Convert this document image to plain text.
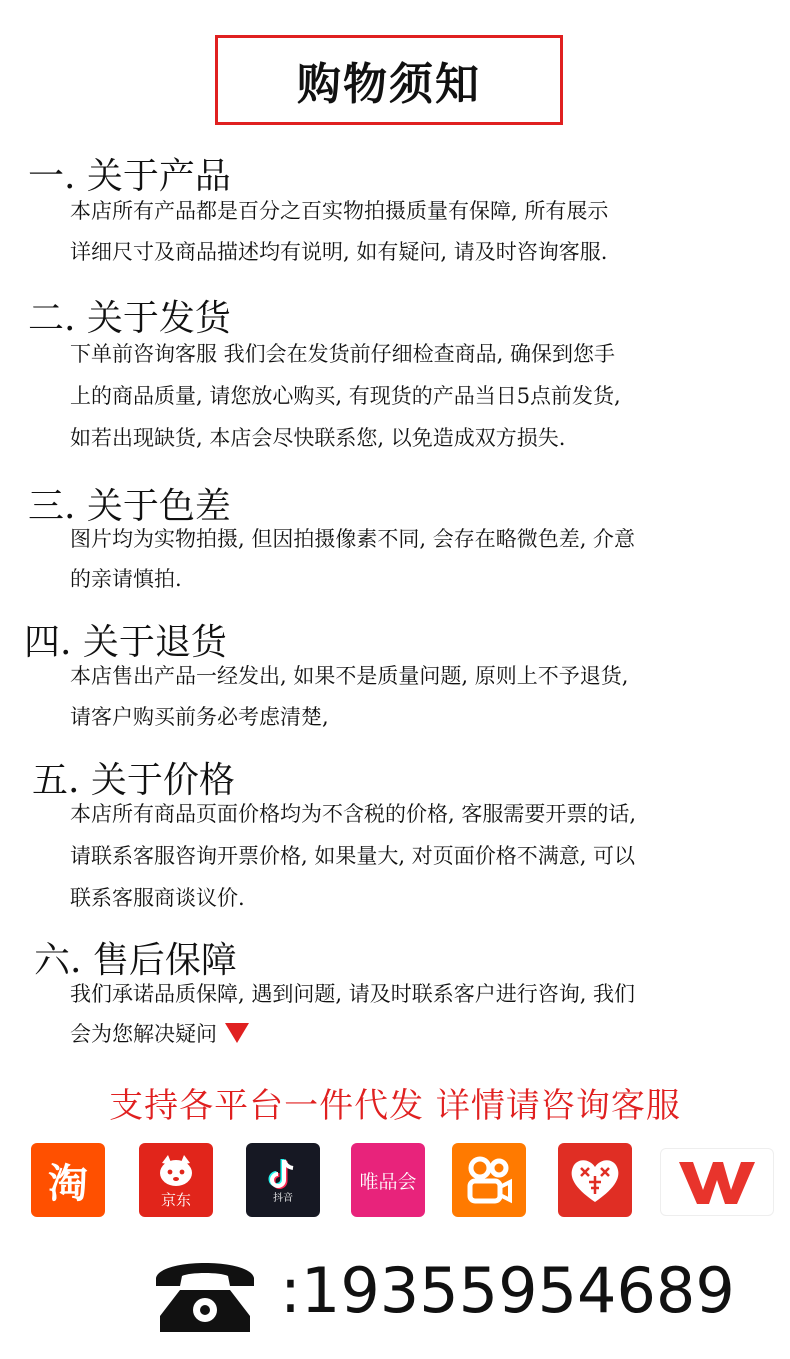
购物须知
一. 关于产品
本店所有产品都是百分之百实物拍摄质量有保障, 所有展示
详细尺寸及商品描述均有说明, 如有疑问, 请及时咨询客服.
二. 关于发货
下单前咨询客服 我们会在发货前仔细检查商品, 确保到您手
上的商品质量, 请您放心购买, 有现货的产品当日5点前发货,
如若出现缺货, 本店会尽快联系您, 以免造成双方损失.
三. 关于色差
图片均为实物拍摄, 但因拍摄像素不同, 会存在略微色差, 介意
的亲请慎拍.
四. 关于退货
本店售出产品一经发出, 如果不是质量问题, 原则上不予退货,
请客户购买前务必考虑清楚,
五. 关于价格
本店所有商品页面价格均为不含税的价格, 客服需要开票的话,
请联系客服咨询开票价格, 如果量大, 对页面价格不满意, 可以
联系客服商谈议价.
六. 售后保障
我们承诺品质保障, 遇到问题, 请及时联系客户进行咨询, 我们
会为您解决疑问
支持各平台一件代发 详情请咨询客服
淘	京东	抖音
唯品会
:19355954689
